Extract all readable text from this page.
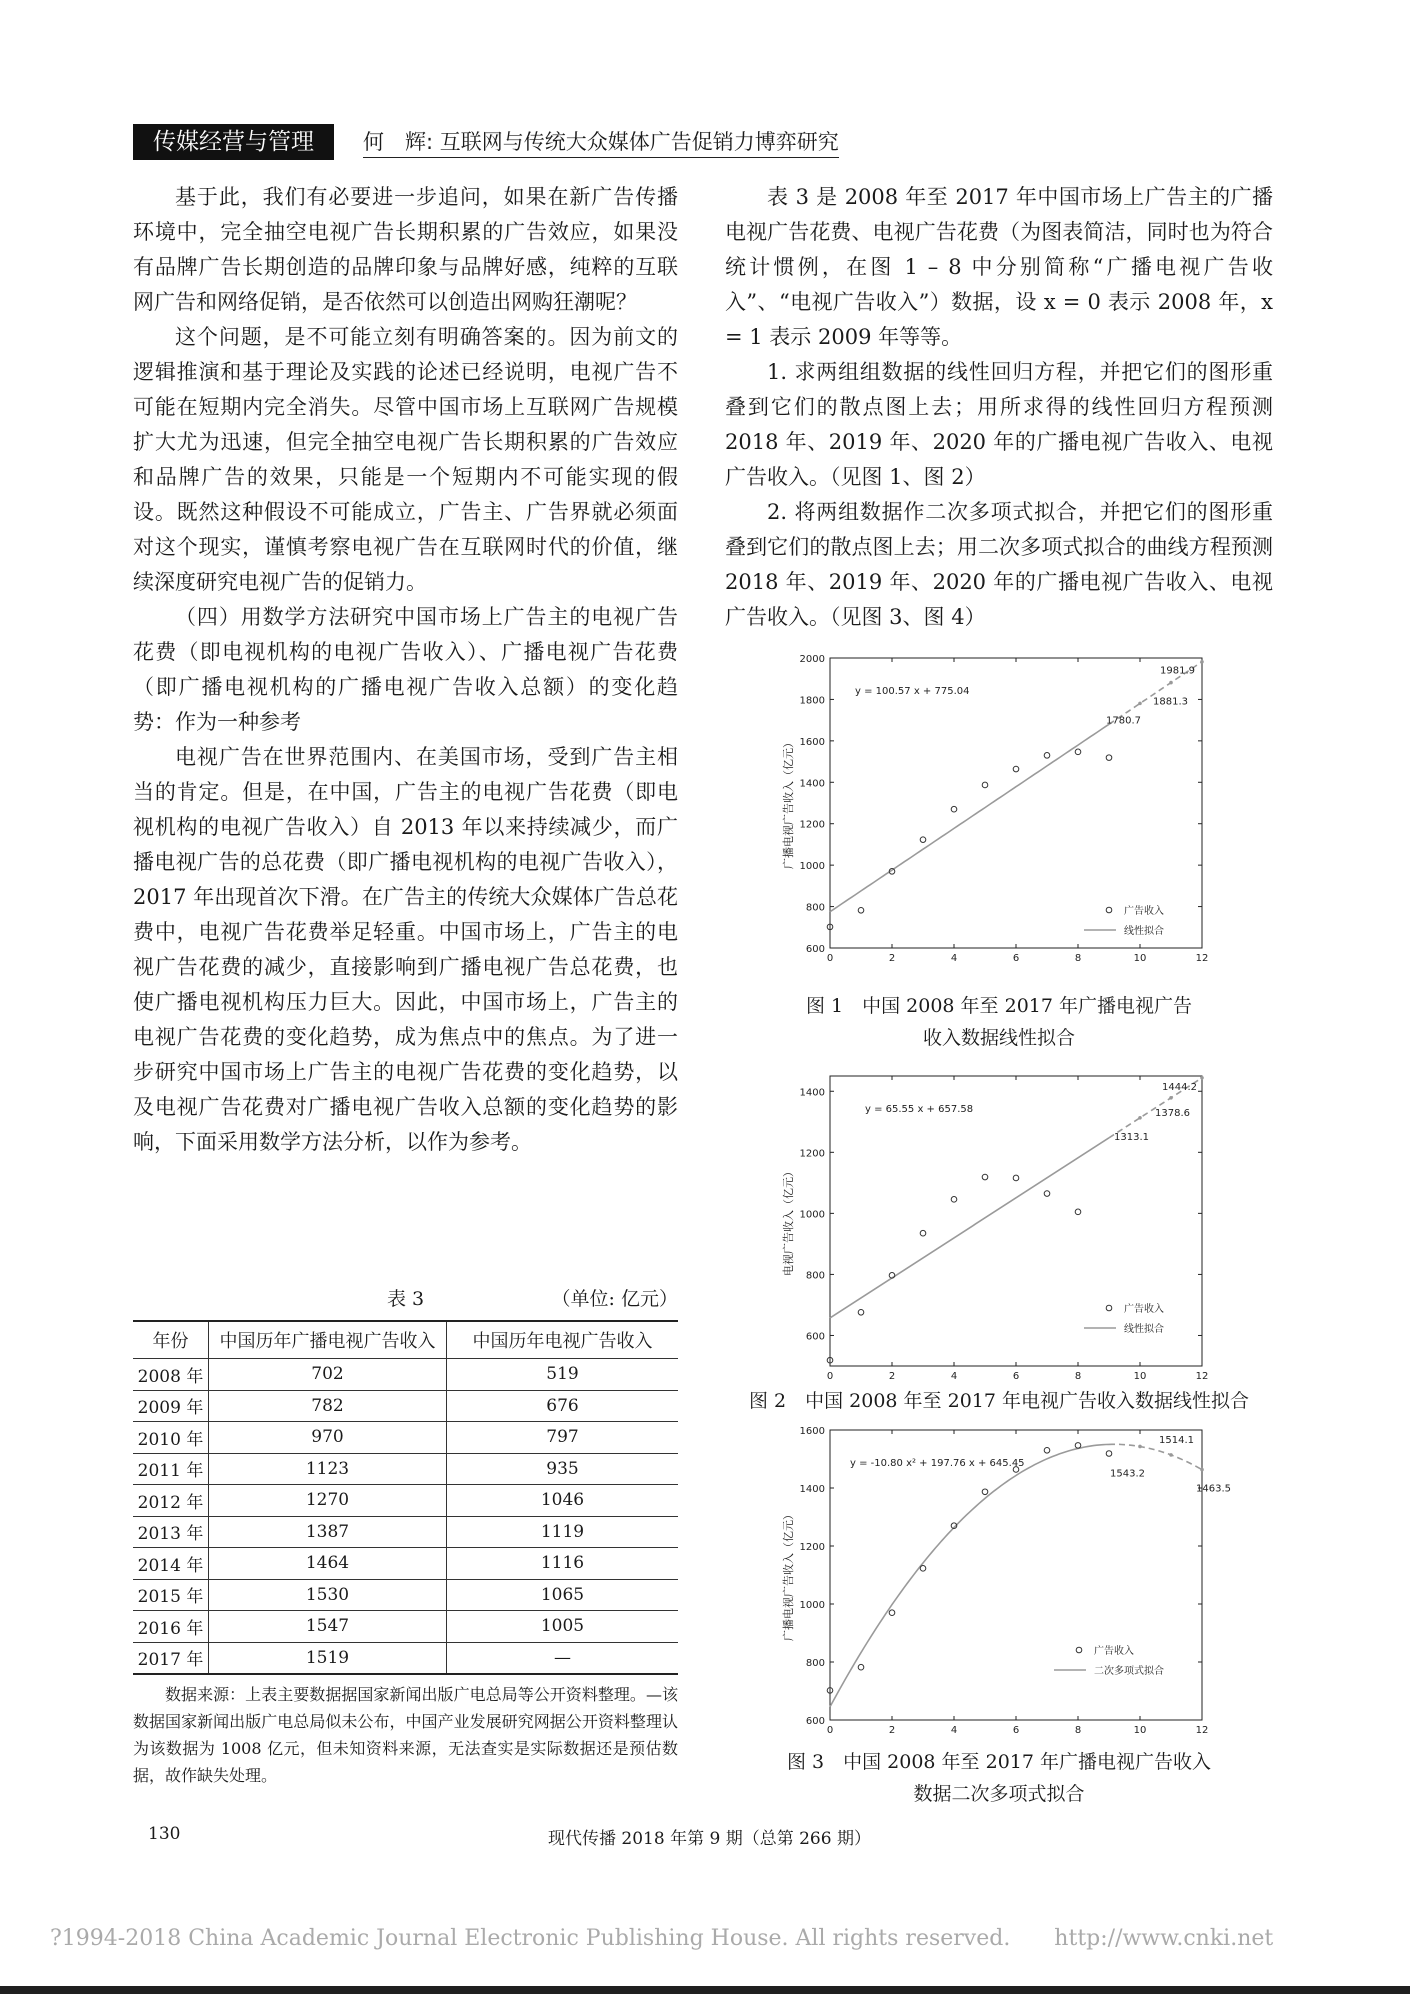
传媒经营与管理	何　辉: 互联网与传统大众媒体广告促销力博弈研究

基于此，我们有必要进一步追问，如果在新广告传播环境中，完全抽空电视广告长期积累的广告效应，如果没有品牌广告长期创造的品牌印象与品牌好感，纯粹的互联网广告和网络促销，是否依然可以创造出网购狂潮呢？

这个问题，是不可能立刻有明确答案的。因为前文的逻辑推演和基于理论及实践的论述已经说明，电视广告不可能在短期内完全消失。尽管中国市场上互联网广告规模扩大尤为迅速，但完全抽空电视广告长期积累的广告效应和品牌广告的效果，只能是一个短期内不可能实现的假设。既然这种假设不可能成立，广告主、广告界就必须面对这个现实，谨慎考察电视广告在互联网时代的价值，继续深度研究电视广告的促销力。

（四）用数学方法研究中国市场上广告主的电视广告花费（即电视机构的电视广告收入）、广播电视广告花费（即广播电视机构的广播电视广告收入总额）的变化趋势：作为一种参考

电视广告在世界范围内、在美国市场，受到广告主相当的肯定。但是，在中国，广告主的电视广告花费（即电视机构的电视广告收入）自 2013 年以来持续减少，而广播电视广告的总花费（即广播电视机构的电视广告收入），2017 年出现首次下滑。在广告主的传统大众媒体广告总花费中，电视广告花费举足轻重。中国市场上，广告主的电视广告花费的减少，直接影响到广播电视广告总花费，也使广播电视机构压力巨大。因此，中国市场上，广告主的电视广告花费的变化趋势，成为焦点中的焦点。为了进一步研究中国市场上广告主的电视广告花费的变化趋势，以及电视广告花费对广播电视广告收入总额的变化趋势的影响，下面采用数学方法分析，以作为参考。

表 3	（单位: 亿元）
年份	中国历年广播电视广告收入	中国历年电视广告收入
2008 年	702	519
2009 年	782	676
2010 年	970	797
2011 年	1123	935
2012 年	1270	1046
2013 年	1387	1119
2014 年	1464	1116
2015 年	1530	1065
2016 年	1547	1005
2017 年	1519	—

数据来源：上表主要数据据国家新闻出版广电总局等公开资料整理。—该数据国家新闻出版广电总局似未公布，中国产业发展研究网据公开资料整理认为该数据为 1008 亿元，但未知资料来源，无法查实是实际数据还是预估数据，故作缺失处理。

表 3 是 2008 年至 2017 年中国市场上广告主的广播电视广告花费、电视广告花费（为图表简洁，同时也为符合统计惯例，在图 1 – 8 中分别简称“广播电视广告收入”、“电视广告收入”）数据，设 x = 0 表示 2008 年，x = 1 表示 2009 年等等。

1. 求两组组数据的线性回归方程，并把它们的图形重叠到它们的散点图上去；用所求得的线性回归方程预测 2018 年、2019 年、2020 年的广播电视广告收入、电视广告收入。（见图 1、图 2）

2. 将两组数据作二次多项式拟合，并把它们的图形重叠到它们的散点图上去；用二次多项式拟合的曲线方程预测 2018 年、2019 年、2020 年的广播电视广告收入、电视广告收入。（见图 3、图 4）

0	2	4	6	8	10	12
600
800
1000
1200
1400
1600
1800
2000
广播电视广告收入（亿元）
1780.7
1881.3
1981.9
y = 100.57 x + 775.04
广告收入
线性拟合
图 1　中国 2008 年至 2017 年广播电视广告
收入数据线性拟合
0	2	4	6	8	10	12
600
800
1000
1200
1400
电视广告收入（亿元）
1313.1
1378.6
1444.2
y = 65.55 x + 657.58
广告收入
线性拟合
图 2　中国 2008 年至 2017 年电视广告收入数据线性拟合
0	2	4	6	8	10	12
600
800
1000
1200
1400
1600
广播电视广告收入（亿元）
1543.2
1514.1
1463.5
y = -10.80 x² + 197.76 x + 645.45
广告收入
二次多项式拟合
图 3　中国 2008 年至 2017 年广播电视广告收入
数据二次多项式拟合
130	现代传播 2018 年第 9 期（总第 266 期）
?1994-2018 China Academic Journal Electronic Publishing House. All rights reserved.　　http://www.cnki.net
